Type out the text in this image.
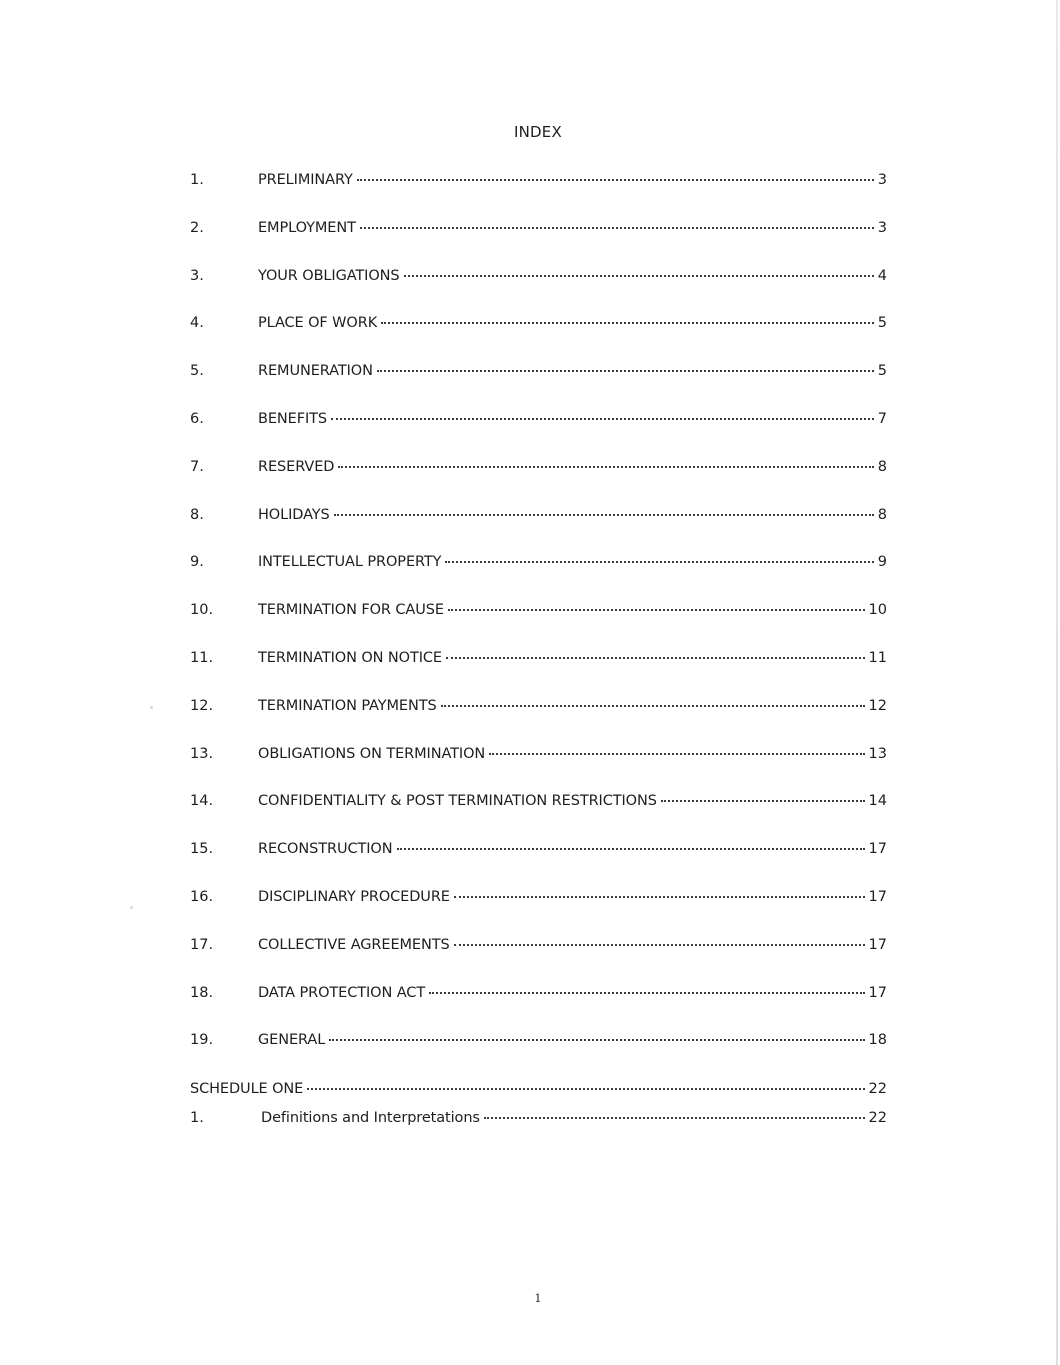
INDEX
1.	PRELIMINARY	3
2.	EMPLOYMENT	3
3.	YOUR OBLIGATIONS	4
4.	PLACE OF WORK	5
5.	REMUNERATION	5
6.	BENEFITS	7
7.	RESERVED	8
8.	HOLIDAYS	8
9.	INTELLECTUAL PROPERTY	9
10.	TERMINATION FOR CAUSE	10
11.	TERMINATION ON NOTICE	11
12.	TERMINATION PAYMENTS	12
13.	OBLIGATIONS ON TERMINATION	13
14.	CONFIDENTIALITY & POST TERMINATION RESTRICTIONS	14
15.	RECONSTRUCTION	17
16.	DISCIPLINARY PROCEDURE	17
17.	COLLECTIVE AGREEMENTS	17
18.	DATA PROTECTION ACT	17
19.	GENERAL	18
SCHEDULE ONE	22
1.	Definitions and Interpretations	22
1
